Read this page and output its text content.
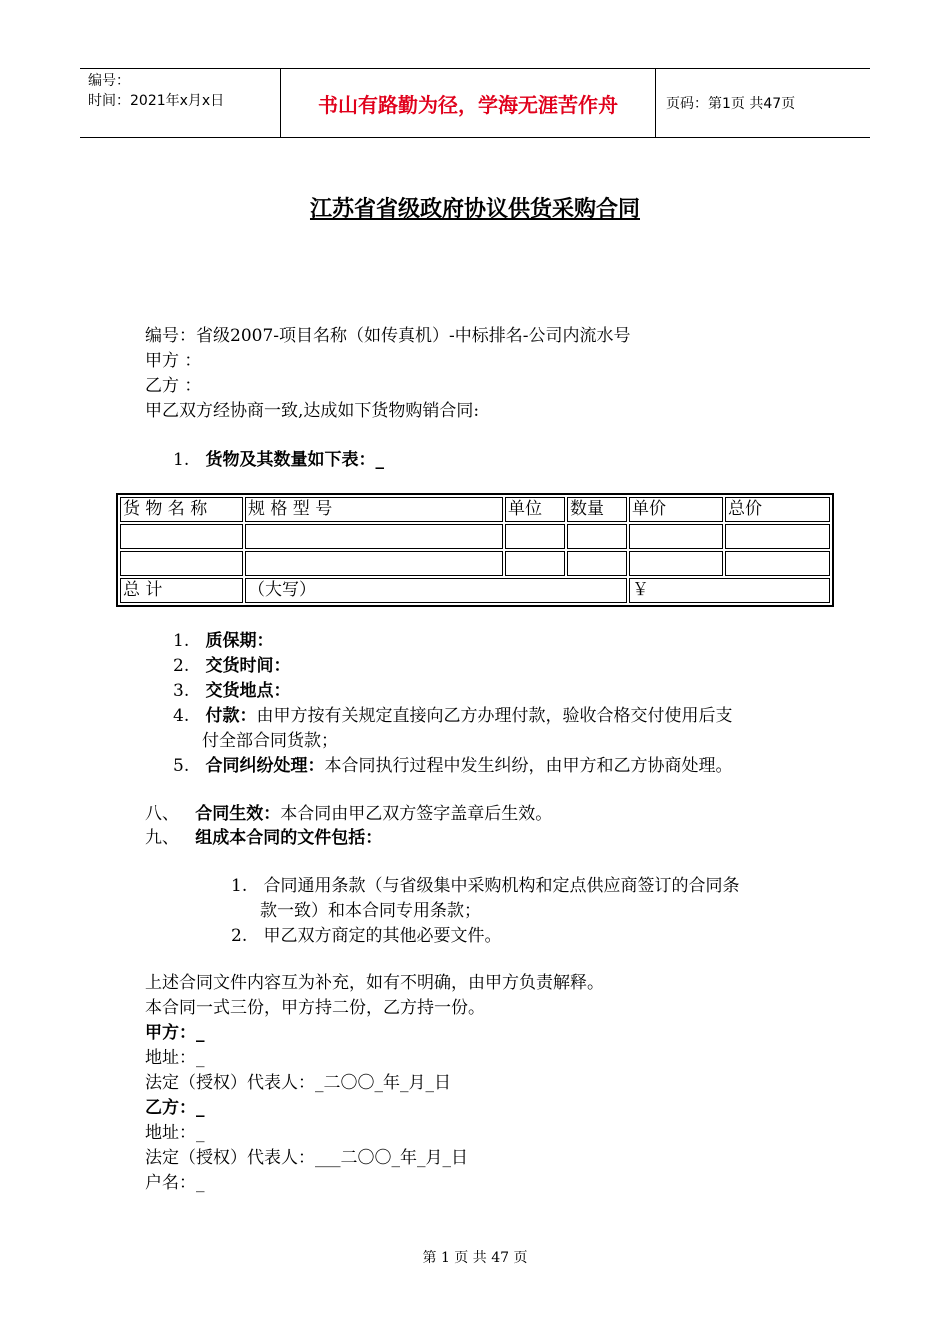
编号：
时间：2021年x月x日	书山有路勤为径，学海无涯苦作舟	页码：第1页 共47页
江苏省省级政府协议供货采购合同
编号：省级2007-项目名称（如传真机）-中标排名-公司内流水号
甲方 ：
乙方 ：
甲乙双方经协商一致,达成如下货物购销合同:
1. 货物及其数量如下表：_
货 物 名 称	规 格 型 号	单位	数量	单价	总价

总 计	（大写）			￥	
1. 质保期：
2. 交货时间：
3. 交货地点：
4. 付款：由甲方按有关规定直接向乙方办理付款，验收合格交付使用后支
付全部合同货款；
5. 合同纠纷处理：本合同执行过程中发生纠纷，由甲方和乙方协商处理。
八、 合同生效：本合同由甲乙双方签字盖章后生效。
九、 组成本合同的文件包括：
1. 合同通用条款（与省级集中采购机构和定点供应商签订的合同条
款一致）和本合同专用条款；
2. 甲乙双方商定的其他必要文件。
上述合同文件内容互为补充，如有不明确，由甲方负责解释。
本合同一式三份，甲方持二份，乙方持一份。
甲方：_
地址：_
法定（授权）代表人：_二〇〇_年_月_日
乙方：_
地址：_
法定（授权）代表人：___二〇〇_年_月_日
户名：_
第 1 页 共 47 页
